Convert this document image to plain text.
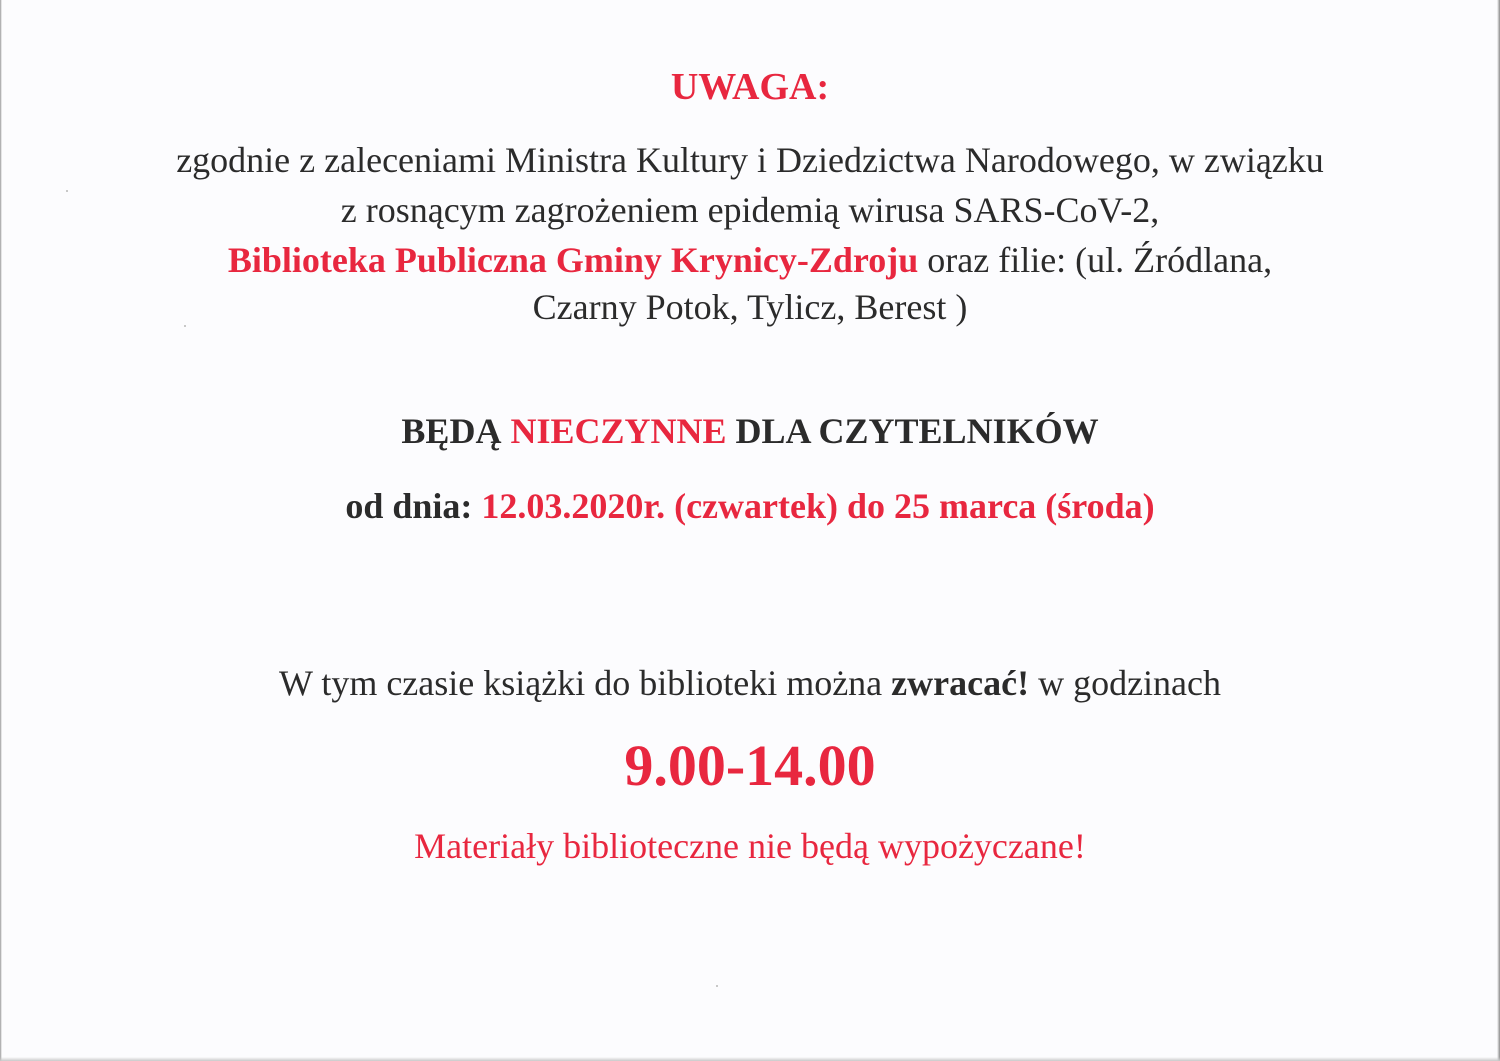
UWAGA:
zgodnie z zaleceniami Ministra Kultury i Dziedzictwa Narodowego, w związku
z rosnącym zagrożeniem epidemią wirusa SARS-CoV-2,
Biblioteka Publiczna Gminy Krynicy-Zdroju oraz filie: (ul. Źródlana,
Czarny Potok, Tylicz, Berest )
BĘDĄ NIECZYNNE DLA CZYTELNIKÓW
od dnia: 12.03.2020r. (czwartek) do 25 marca (środa)
W tym czasie książki do biblioteki można zwracać! w godzinach
9.00-14.00
Materiały biblioteczne nie będą wypożyczane!
